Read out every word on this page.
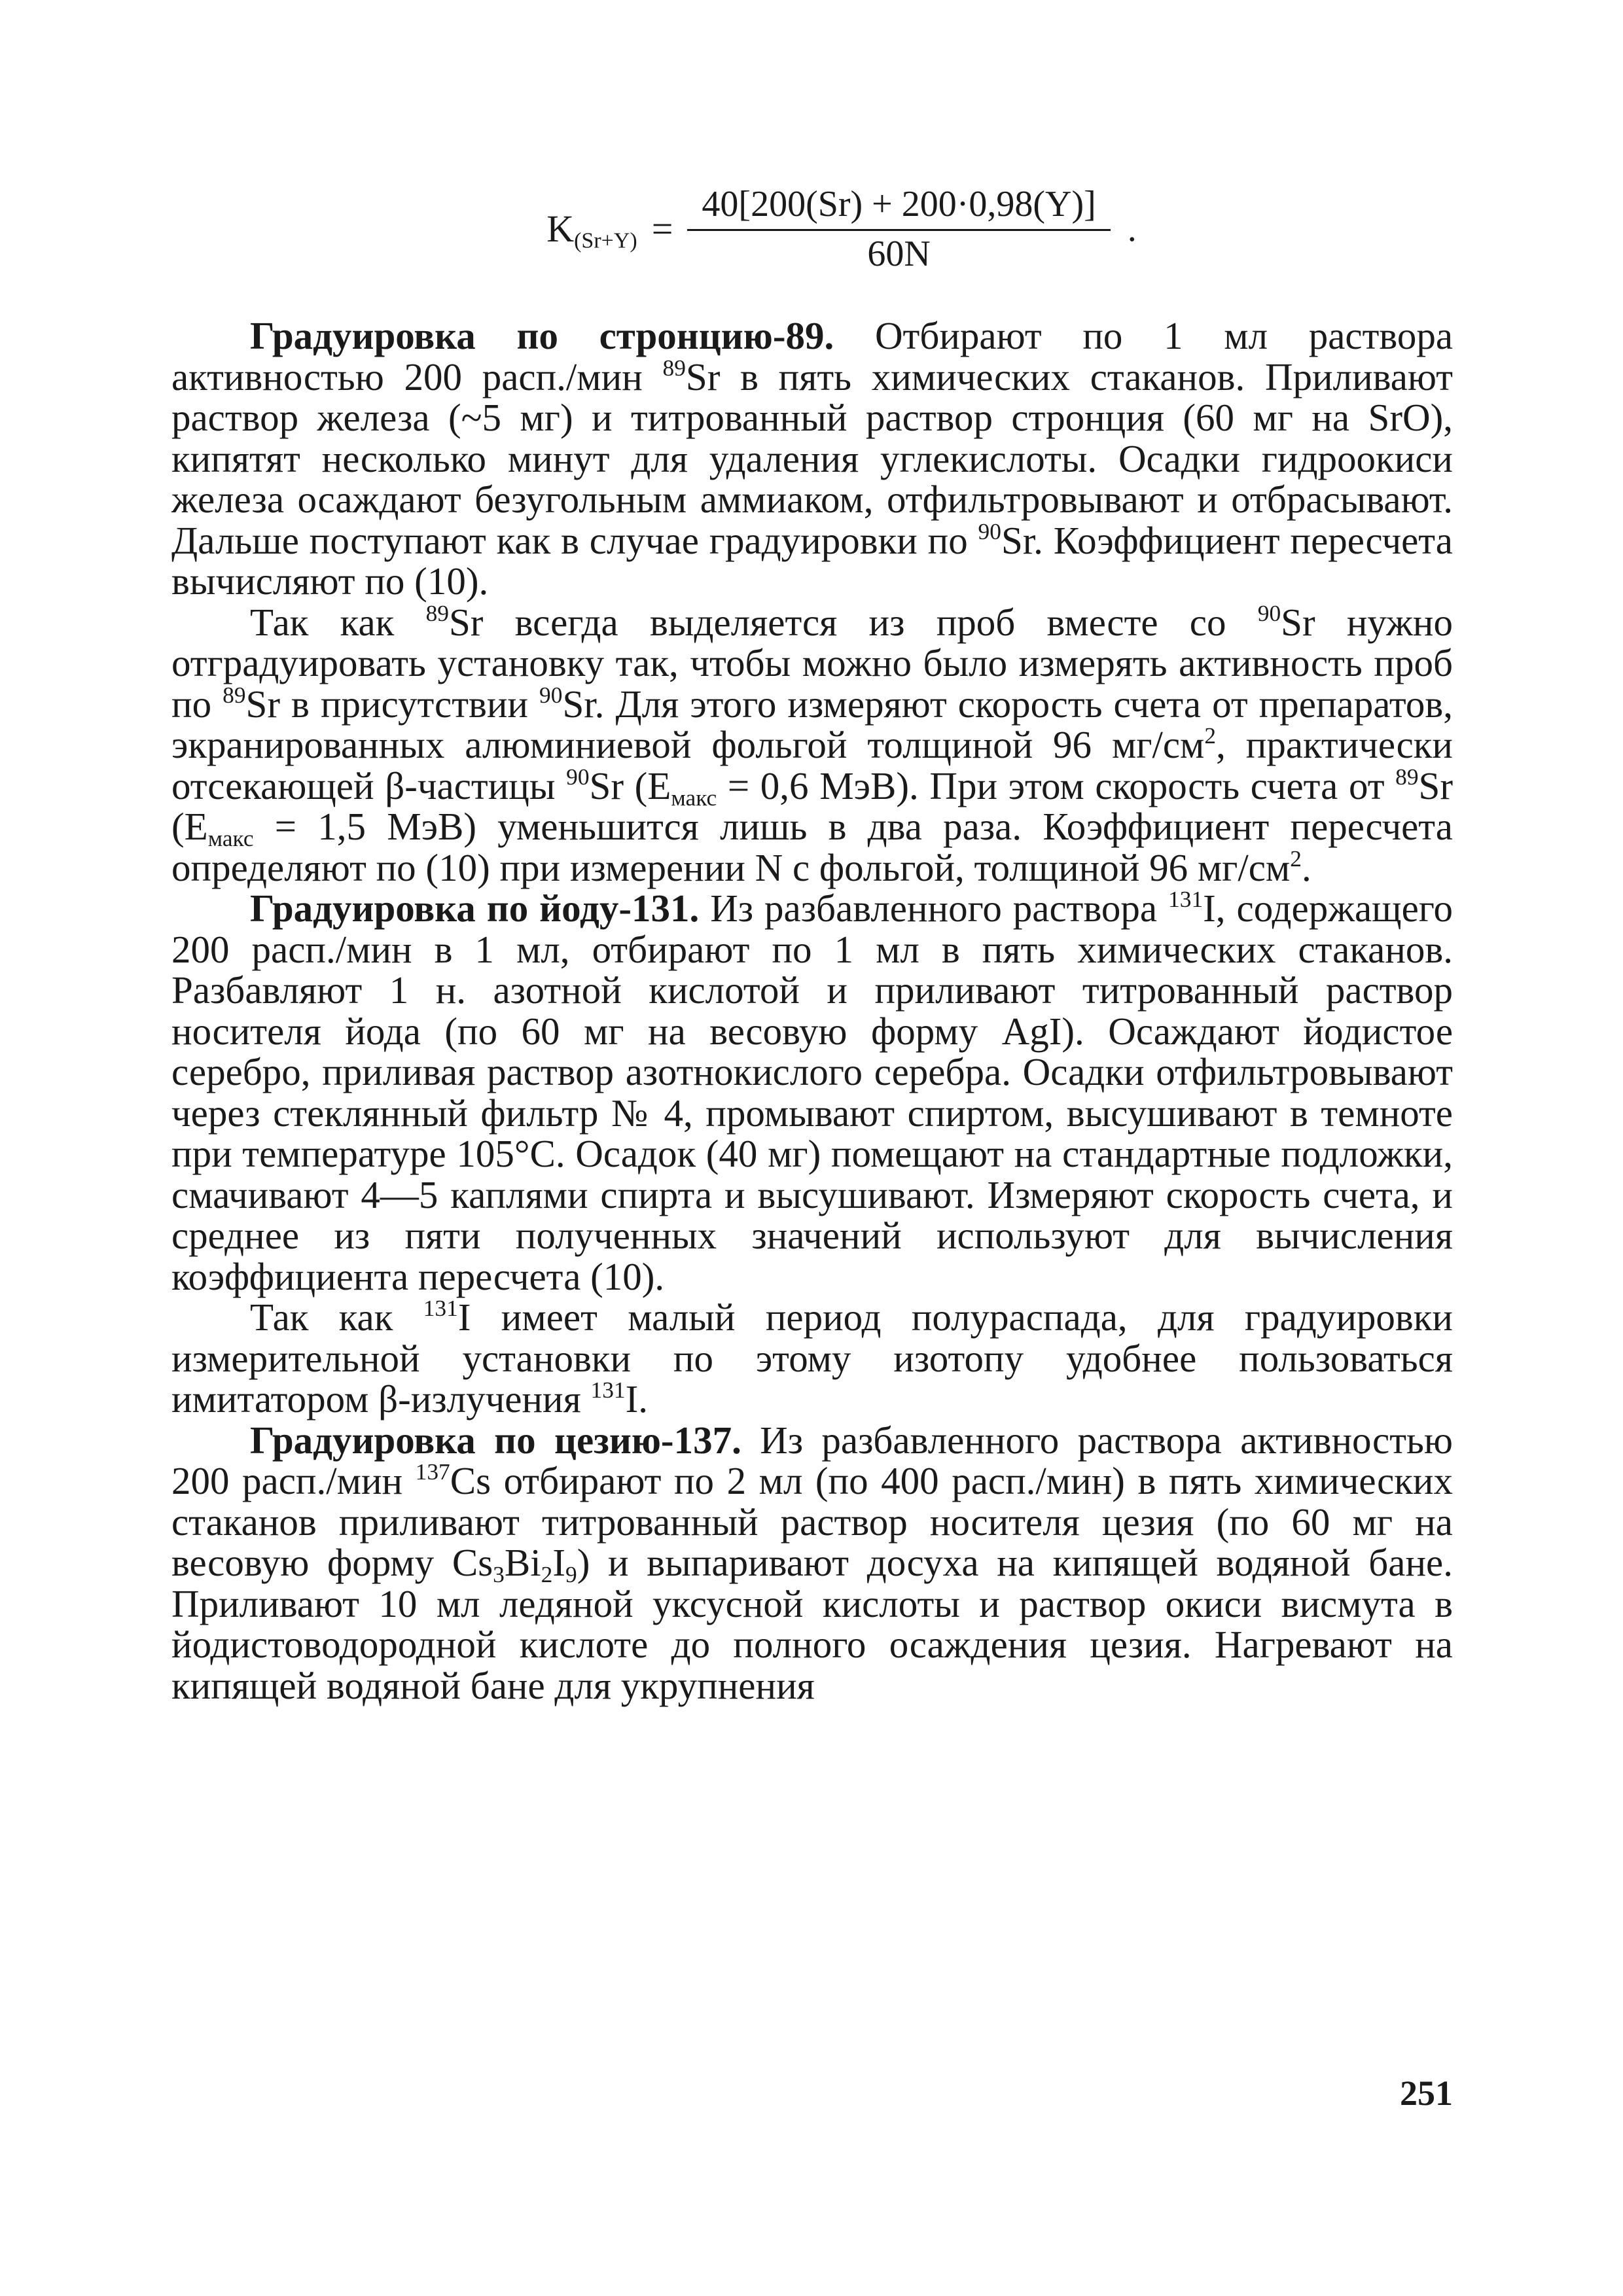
$K_{(Sr+Y)} = \frac{40[200(Sr) + 200\cdot 0,98(Y)]}{60N}$ .

Градуировка по стронцию-89. Отбирают по 1 мл раствора активностью 200 расп./мин $^{89}$Sr в пять химических стаканов. Приливают раствор железа (~5 мг) и титрованный раствор стронция (60 мг на SrO), кипятят несколько минут для удаления углекислоты. Осадки гидроокиси железа осаждают безугольным аммиаком, отфильтровывают и отбрасывают. Дальше поступают как в случае градуировки по $^{90}$Sr. Коэффициент пересчета вычисляют по (10).

Так как $^{89}$Sr всегда выделяется из проб вместе со $^{90}$Sr нужно отградуировать установку так, чтобы можно было измерять активность проб по $^{89}$Sr в присутствии $^{90}$Sr. Для этого измеряют скорость счета от препаратов, экранированных алюминиевой фольгой толщиной 96 $мг/см^2$, практически отсекающей β-частицы $^{90}$Sr ($E_{макс} = 0,6$ МэВ). При этом скорость счета от $^{89}$Sr ($E_{макс} = 1,5$ МэВ) уменьшится лишь в два раза. Коэффициент пересчета определяют по (10) при измерении N с фольгой, толщиной 96 $мг/см^2$.

Градуировка по йоду-131. Из разбавленного раствора $^{131}$I, содержащего 200 расп./мин в 1 мл, отбирают по 1 мл в пять химических стаканов. Разбавляют 1 н. азотной кислотой и приливают титрованный раствор носителя йода (по 60 мг на весовую форму AgI). Осаждают йодистое серебро, приливая раствор азотнокислого серебра. Осадки отфильтровывают через стеклянный фильтр № 4, промывают спиртом, высушивают в темноте при температуре 105°С. Осадок (40 мг) помещают на стандартные подложки, смачивают 4—5 каплями спирта и высушивают. Измеряют скорость счета, и среднее из пяти полученных значений используют для вычисления коэффициента пересчета (10).

Так как $^{131}$I имеет малый период полураспада, для градуировки измерительной установки по этому изотопу удобнее пользоваться имитатором β-излучения $^{131}$I.

Градуировка по цезию-137. Из разбавленного раствора активностью 200 расп./мин $^{137}$Cs отбирают по 2 мл (по 400 расп./мин) в пять химических стаканов приливают титрованный раствор носителя цезия (по 60 мг на весовую форму $Cs_3Bi_2I_9$) и выпаривают досуха на кипящей водяной бане. Приливают 10 мл ледяной уксусной кислоты и раствор окиси висмута в йодистоводородной кислоте до полного осаждения цезия. Нагревают на кипящей водяной бане для укрупнения

251
